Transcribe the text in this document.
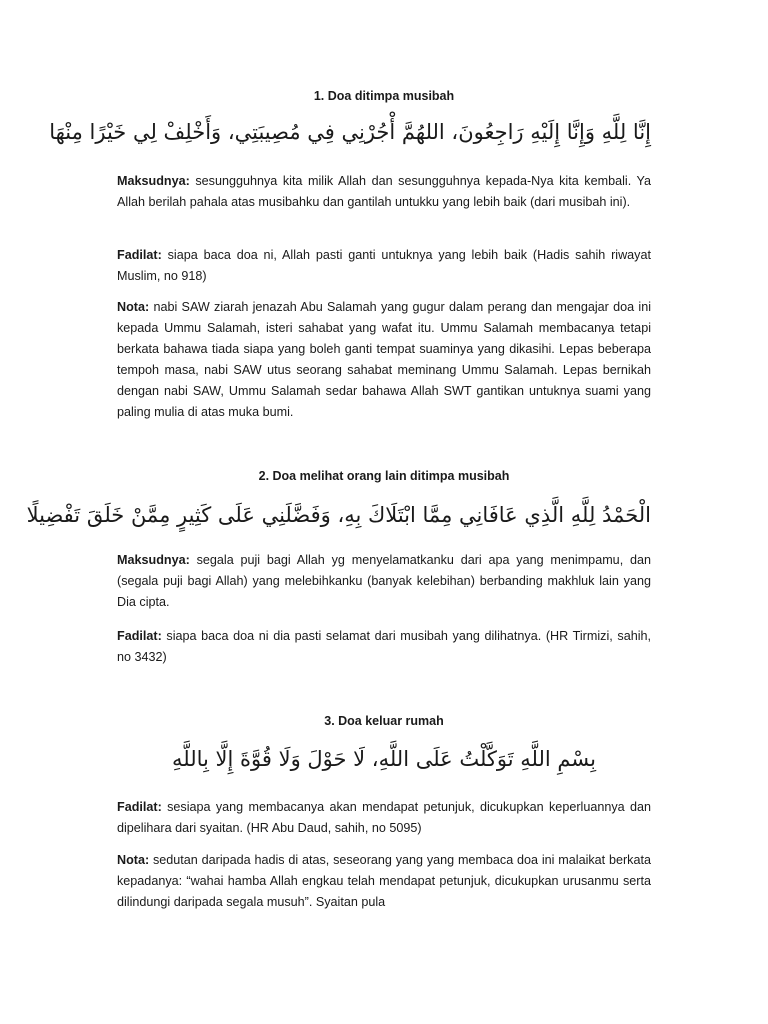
1. Doa ditimpa musibah

إِنَّا لِلَّهِ وَإِنَّا إِلَيْهِ رَاجِعُونَ، اللهُمَّ أْجُرْنِي فِي مُصِيبَتِي، وَأَخْلِفْ لِي خَيْرًا مِنْهَا

Maksudnya: sesungguhnya kita milik Allah dan sesungguhnya kepada-Nya kita kembali. Ya Allah berilah pahala atas musibahku dan gantilah untukku yang lebih baik (dari musibah ini).

Fadilat: siapa baca doa ni, Allah pasti ganti untuknya yang lebih baik (Hadis sahih riwayat Muslim, no 918)

Nota: nabi SAW ziarah jenazah Abu Salamah yang gugur dalam perang dan mengajar doa ini kepada Ummu Salamah, isteri sahabat yang wafat itu. Ummu Salamah membacanya tetapi berkata bahawa tiada siapa yang boleh ganti tempat suaminya yang dikasihi. Lepas beberapa tempoh masa, nabi SAW utus seorang sahabat meminang Ummu Salamah. Lepas bernikah dengan nabi SAW, Ummu Salamah sedar bahawa Allah SWT gantikan untuknya suami yang paling mulia di atas muka bumi.

2. Doa melihat orang lain ditimpa musibah

الْحَمْدُ لِلَّهِ الَّذِي عَافَانِي مِمَّا ابْتَلَاكَ بِهِ، وَفَضَّلَنِي عَلَى كَثِيرٍ مِمَّنْ خَلَقَ تَفْضِيلًا

Maksudnya: segala puji bagi Allah yg menyelamatkanku dari apa yang menimpamu, dan (segala puji bagi Allah) yang melebihkanku (banyak kelebihan) berbanding makhluk lain yang Dia cipta.

Fadilat: siapa baca doa ni dia pasti selamat dari musibah yang dilihatnya. (HR Tirmizi, sahih, no 3432)

3. Doa keluar rumah

بِسْمِ اللَّهِ تَوَكَّلْتُ عَلَى اللَّهِ، لَا حَوْلَ وَلَا قُوَّةَ إِلَّا بِاللَّهِ

Fadilat: sesiapa yang membacanya akan mendapat petunjuk, dicukupkan keperluannya dan dipelihara dari syaitan. (HR Abu Daud, sahih, no 5095)

Nota: sedutan daripada hadis di atas, seseorang yang yang membaca doa ini malaikat berkata kepadanya: “wahai hamba Allah engkau telah mendapat petunjuk, dicukupkan urusanmu serta dilindungi daripada segala musuh”. Syaitan pula
